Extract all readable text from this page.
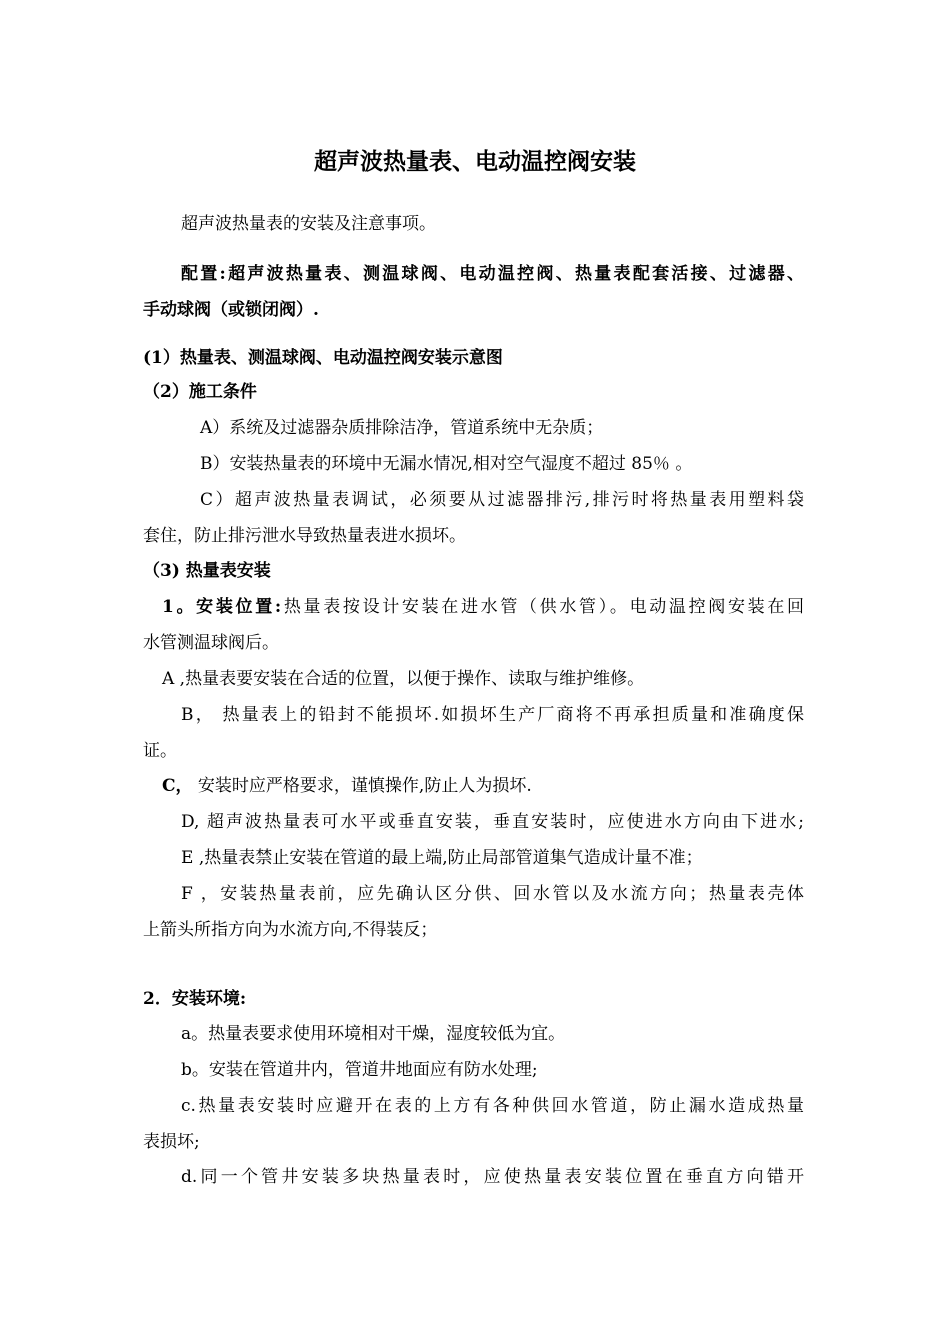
超声波热量表、电动温控阀安装

超声波热量表的安装及注意事项。

配置:超声波热量表、测温球阀、电动温控阀、热量表配套活接、过滤器、

手动球阀（或锁闭阀）.

(1）热量表、测温球阀、电动温控阀安装示意图

（2）施工条件

A）系统及过滤器杂质排除洁净，管道系统中无杂质；

B）安装热量表的环境中无漏水情况,相对空气湿度不超过 85％ 。

C）超声波热量表调试，必须要从过滤器排污,排污时将热量表用塑料袋

套住，防止排污泄水导致热量表进水损坏。

（3) 热量表安装

1。安装位置:热量表按设计安装在进水管（供水管）。电动温控阀安装在回

水管测温球阀后。

A ,热量表要安装在合适的位置，以便于操作、读取与维护维修。

B， 热量表上的铅封不能损坏.如损坏生产厂商将不再承担质量和准确度保

证。

C， 安装时应严格要求，谨慎操作,防止人为损坏.

D, 超声波热量表可水平或垂直安装，垂直安装时，应使进水方向由下进水;

E ,热量表禁止安装在管道的最上端,防止局部管道集气造成计量不准；

F ，安装热量表前，应先确认区分供、回水管以及水流方向；热量表壳体

上箭头所指方向为水流方向,不得装反；

2．安装环境:

a。热量表要求使用环境相对干燥，湿度较低为宜。

b。安装在管道井内，管道井地面应有防水处理;

c.热量表安装时应避开在表的上方有各种供回水管道，防止漏水造成热量

表损坏;

d.同一个管井安装多块热量表时，应使热量表安装位置在垂直方向错开
